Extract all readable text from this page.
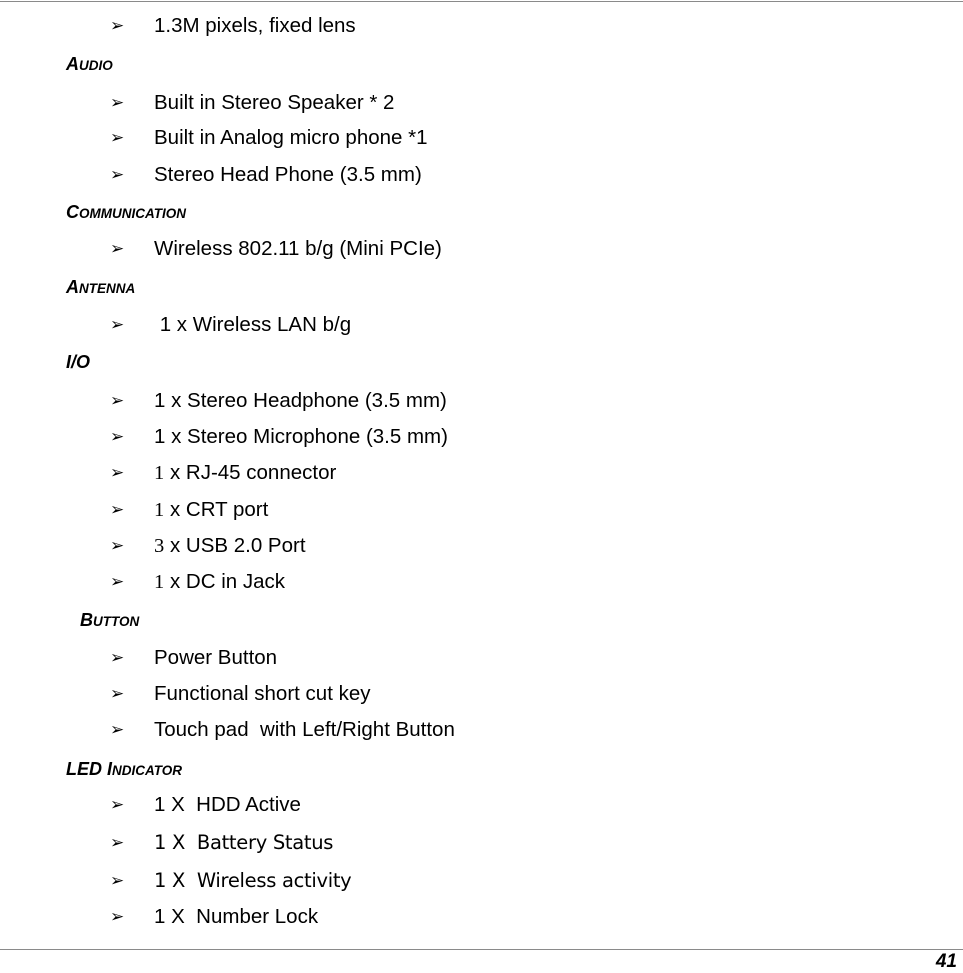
➢ 1.3M pixels, fixed lens
AUDIO
➢ Built in Stereo Speaker * 2
➢ Built in Analog micro phone *1
➢ Stereo Head Phone (3.5 mm)
COMMUNICATION
➢ Wireless 802.11 b/g (Mini PCIe)
ANTENNA
➢ 1 x Wireless LAN b/g
I/O
➢ 1 x Stereo Headphone (3.5 mm)
➢ 1 x Stereo Microphone (3.5 mm)
➢ 1 x RJ-45 connector
➢ 1 x CRT port
➢ 3 x USB 2.0 Port
➢ 1 x DC in Jack
BUTTON
➢ Power Button
➢ Functional short cut key
➢ Touch pad  with Left/Right Button
LED INDICATOR
➢ 1 X  HDD Active
➢ 1 X  Battery Status
➢ 1 X  Wireless activity
➢ 1 X  Number Lock
41
